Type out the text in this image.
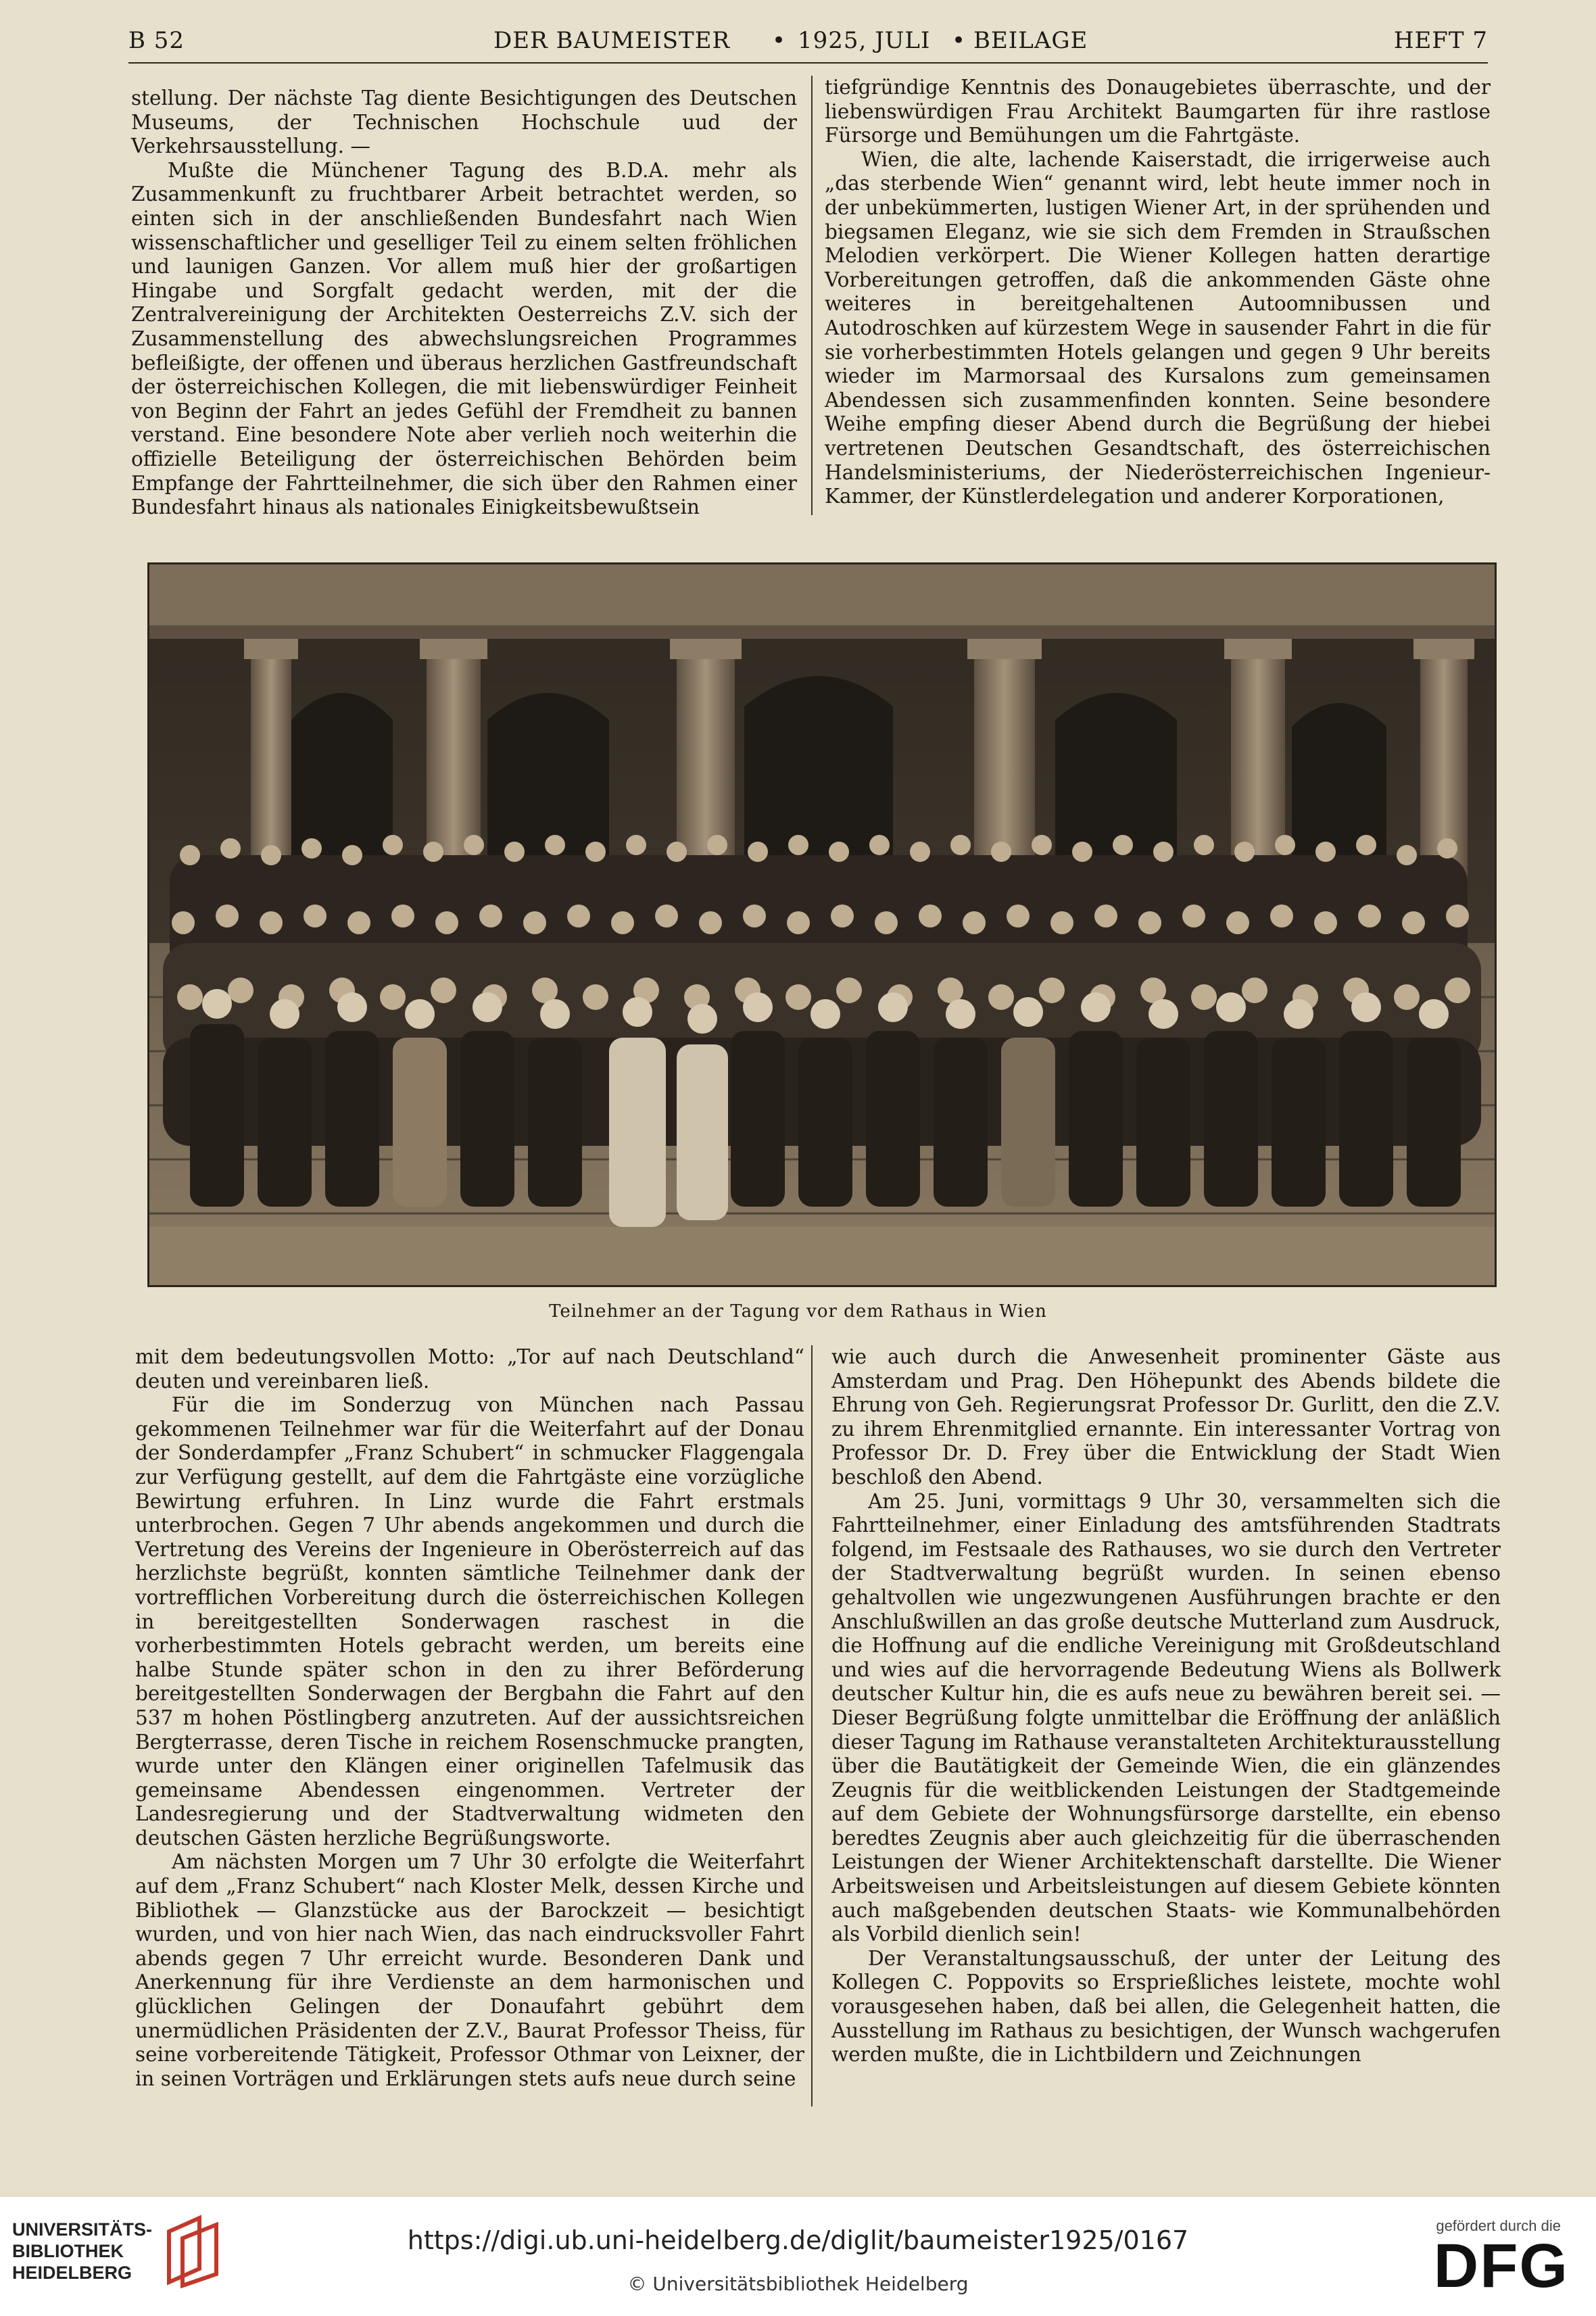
B 52	DER BAUMEISTER • 1925, JULI • BEILAGE	HEFT 7

stellung. Der nächste Tag diente Besichtigungen des Deutschen Museums, der Technischen Hochschule uud der Verkehrsausstellung. —

Mußte die Münchener Tagung des B.D.A. mehr als Zusammenkunft zu fruchtbarer Arbeit betrachtet werden, so einten sich in der anschließenden Bundesfahrt nach Wien wissenschaftlicher und geselliger Teil zu einem selten fröhlichen und launigen Ganzen. Vor allem muß hier der großartigen Hingabe und Sorgfalt gedacht werden, mit der die Zentralvereinigung der Architekten Oesterreichs Z.V. sich der Zusammenstellung des abwechslungsreichen Programmes befleißigte, der offenen und überaus herzlichen Gastfreundschaft der österreichischen Kollegen, die mit liebenswürdiger Feinheit von Beginn der Fahrt an jedes Gefühl der Fremdheit zu bannen verstand. Eine besondere Note aber verlieh noch weiterhin die offizielle Beteiligung der österreichischen Behörden beim Empfange der Fahrtteilnehmer, die sich über den Rahmen einer Bundesfahrt hinaus als nationales Einigkeitsbewußtsein

tiefgründige Kenntnis des Donaugebietes überraschte, und der liebenswürdigen Frau Architekt Baumgarten für ihre rastlose Fürsorge und Bemühungen um die Fahrtgäste.

Wien, die alte, lachende Kaiserstadt, die irrigerweise auch „das sterbende Wien“ genannt wird, lebt heute immer noch in der unbekümmerten, lustigen Wiener Art, in der sprühenden und biegsamen Eleganz, wie sie sich dem Fremden in Straußschen Melodien verkörpert. Die Wiener Kollegen hatten derartige Vorbereitungen getroffen, daß die ankommenden Gäste ohne weiteres in bereitgehaltenen Autoomnibussen und Autodroschken auf kürzestem Wege in sausender Fahrt in die für sie vorherbestimmten Hotels gelangen und gegen 9 Uhr bereits wieder im Marmorsaal des Kursalons zum gemeinsamen Abendessen sich zusammenfinden konnten. Seine besondere Weihe empfing dieser Abend durch die Begrüßung der hiebei vertretenen Deutschen Gesandtschaft, des österreichischen Handelsministeriums, der Niederösterreichischen Ingenieur-Kammer, der Künstlerdelegation und anderer Korporationen,

Teilnehmer an der Tagung vor dem Rathaus in Wien

mit dem bedeutungsvollen Motto: „Tor auf nach Deutschland“ deuten und vereinbaren ließ.

Für die im Sonderzug von München nach Passau gekommenen Teilnehmer war für die Weiterfahrt auf der Donau der Sonderdampfer „Franz Schubert“ in schmucker Flaggengala zur Verfügung gestellt, auf dem die Fahrtgäste eine vorzügliche Bewirtung erfuhren. In Linz wurde die Fahrt erstmals unterbrochen. Gegen 7 Uhr abends angekommen und durch die Vertretung des Vereins der Ingenieure in Oberösterreich auf das herzlichste begrüßt, konnten sämtliche Teilnehmer dank der vortrefflichen Vorbereitung durch die österreichischen Kollegen in bereitgestellten Sonderwagen raschest in die vorherbestimmten Hotels gebracht werden, um bereits eine halbe Stunde später schon in den zu ihrer Beförderung bereitgestellten Sonderwagen der Bergbahn die Fahrt auf den 537 m hohen Pöstlingberg anzutreten. Auf der aussichtsreichen Bergterrasse, deren Tische in reichem Rosenschmucke prangten, wurde unter den Klängen einer originellen Tafelmusik das gemeinsame Abendessen eingenommen. Vertreter der Landesregierung und der Stadtverwaltung widmeten den deutschen Gästen herzliche Begrüßungsworte.

Am nächsten Morgen um 7 Uhr 30 erfolgte die Weiterfahrt auf dem „Franz Schubert“ nach Kloster Melk, dessen Kirche und Bibliothek — Glanzstücke aus der Barockzeit — besichtigt wurden, und von hier nach Wien, das nach eindrucksvoller Fahrt abends gegen 7 Uhr erreicht wurde. Besonderen Dank und Anerkennung für ihre Verdienste an dem harmonischen und glücklichen Gelingen der Donaufahrt gebührt dem unermüdlichen Präsidenten der Z.V., Baurat Professor Theiss, für seine vorbereitende Tätigkeit, Professor Othmar von Leixner, der in seinen Vorträgen und Erklärungen stets aufs neue durch seine

wie auch durch die Anwesenheit prominenter Gäste aus Amsterdam und Prag. Den Höhepunkt des Abends bildete die Ehrung von Geh. Regierungsrat Professor Dr. Gurlitt, den die Z.V. zu ihrem Ehrenmitglied ernannte. Ein interessanter Vortrag von Professor Dr. D. Frey über die Entwicklung der Stadt Wien beschloß den Abend.

Am 25. Juni, vormittags 9 Uhr 30, versammelten sich die Fahrtteilnehmer, einer Einladung des amtsführenden Stadtrats folgend, im Festsaale des Rathauses, wo sie durch den Vertreter der Stadtverwaltung begrüßt wurden. In seinen ebenso gehaltvollen wie ungezwungenen Ausführungen brachte er den Anschlußwillen an das große deutsche Mutterland zum Ausdruck, die Hoffnung auf die endliche Vereinigung mit Großdeutschland und wies auf die hervorragende Bedeutung Wiens als Bollwerk deutscher Kultur hin, die es aufs neue zu bewähren bereit sei. — Dieser Begrüßung folgte unmittelbar die Eröffnung der anläßlich dieser Tagung im Rathause veranstalteten Architekturausstellung über die Bautätigkeit der Gemeinde Wien, die ein glänzendes Zeugnis für die weitblickenden Leistungen der Stadtgemeinde auf dem Gebiete der Wohnungsfürsorge darstellte, ein ebenso beredtes Zeugnis aber auch gleichzeitig für die überraschenden Leistungen der Wiener Architektenschaft darstellte. Die Wiener Arbeitsweisen und Arbeitsleistungen auf diesem Gebiete könnten auch maßgebenden deutschen Staats- wie Kommunalbehörden als Vorbild dienlich sein!

Der Veranstaltungsausschuß, der unter der Leitung des Kollegen C. Poppovits so Ersprießliches leistete, mochte wohl vorausgesehen haben, daß bei allen, die Gelegenheit hatten, die Ausstellung im Rathaus zu besichtigen, der Wunsch wachgerufen werden mußte, die in Lichtbildern und Zeichnungen

UNIVERSITÄTS-
BIBLIOTHEK
HEIDELBERG
https://digi.ub.uni-heidelberg.de/diglit/baumeister1925/0167
© Universitätsbibliothek Heidelberg
gefördert durch die
DFG
